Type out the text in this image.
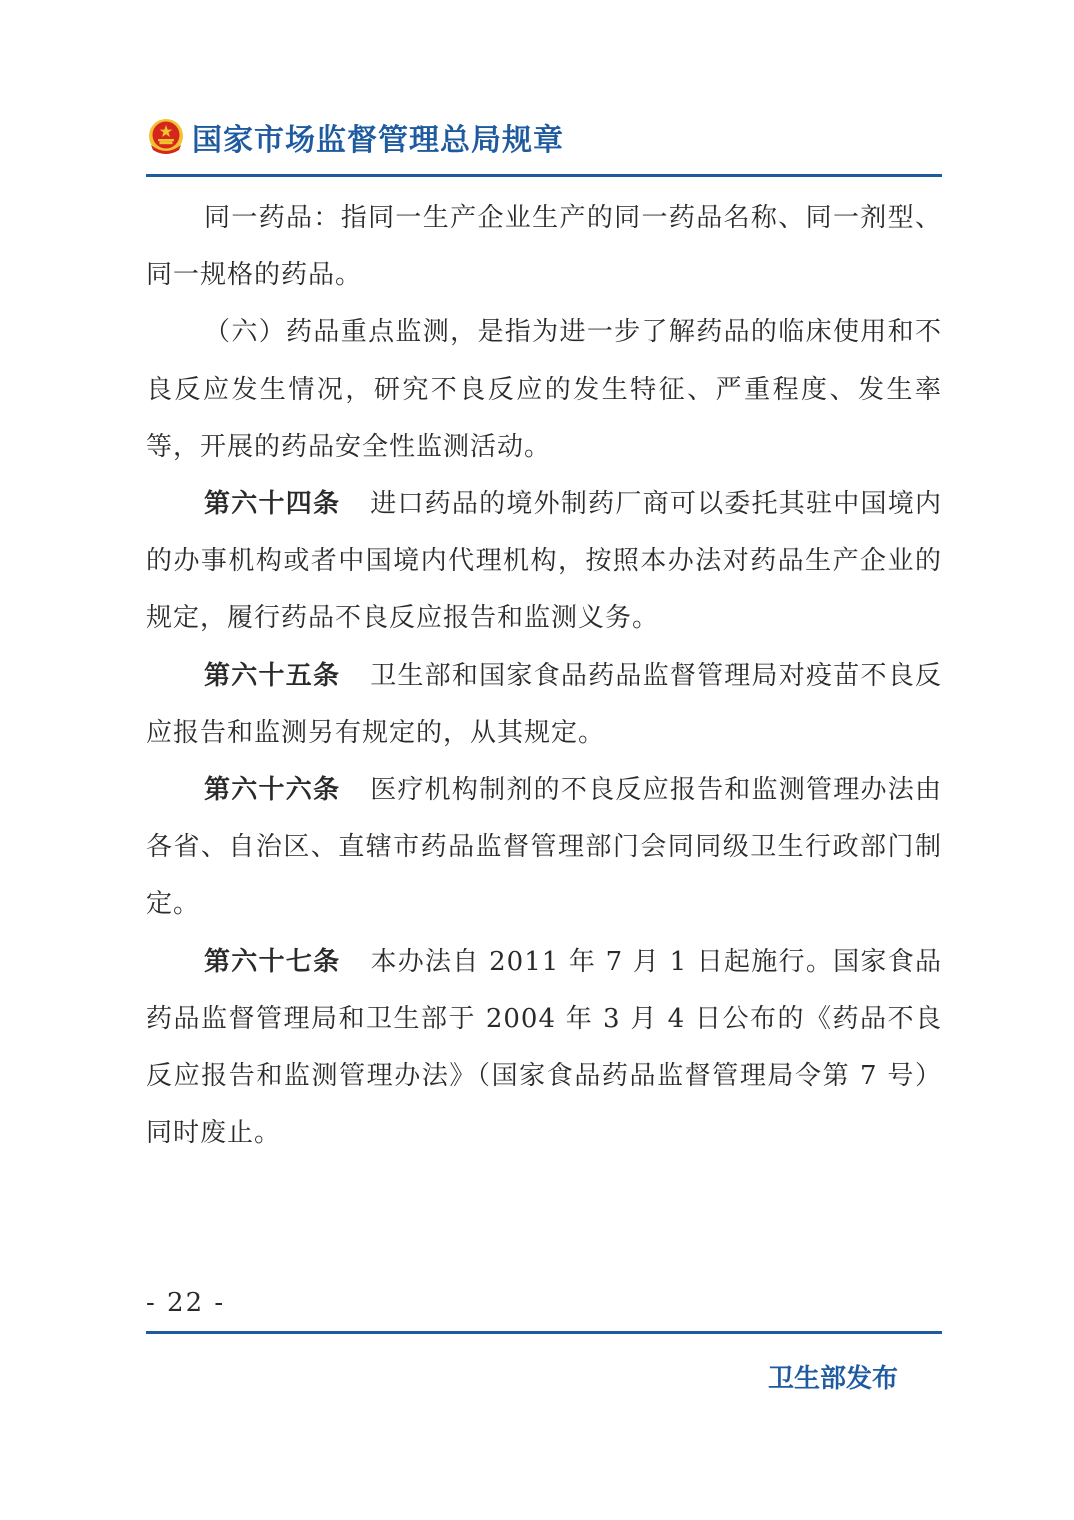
国家市场监督管理总局规章

同一药品：指同一生产企业生产的同一药品名称、同一剂型、同一规格的药品。

（六）药品重点监测，是指为进一步了解药品的临床使用和不良反应发生情况，研究不良反应的发生特征、严重程度、发生率等，开展的药品安全性监测活动。

第六十四条 进口药品的境外制药厂商可以委托其驻中国境内的办事机构或者中国境内代理机构，按照本办法对药品生产企业的规定，履行药品不良反应报告和监测义务。

第六十五条 卫生部和国家食品药品监督管理局对疫苗不良反应报告和监测另有规定的，从其规定。

第六十六条 医疗机构制剂的不良反应报告和监测管理办法由各省、自治区、直辖市药品监督管理部门会同同级卫生行政部门制定。

第六十七条 本办法自 2011 年 7 月 1 日起施行。国家食品药品监督管理局和卫生部于 2004 年 3 月 4 日公布的《药品不良反应报告和监测管理办法》（国家食品药品监督管理局令第 7 号）同时废止。

- 22 -
卫生部发布
